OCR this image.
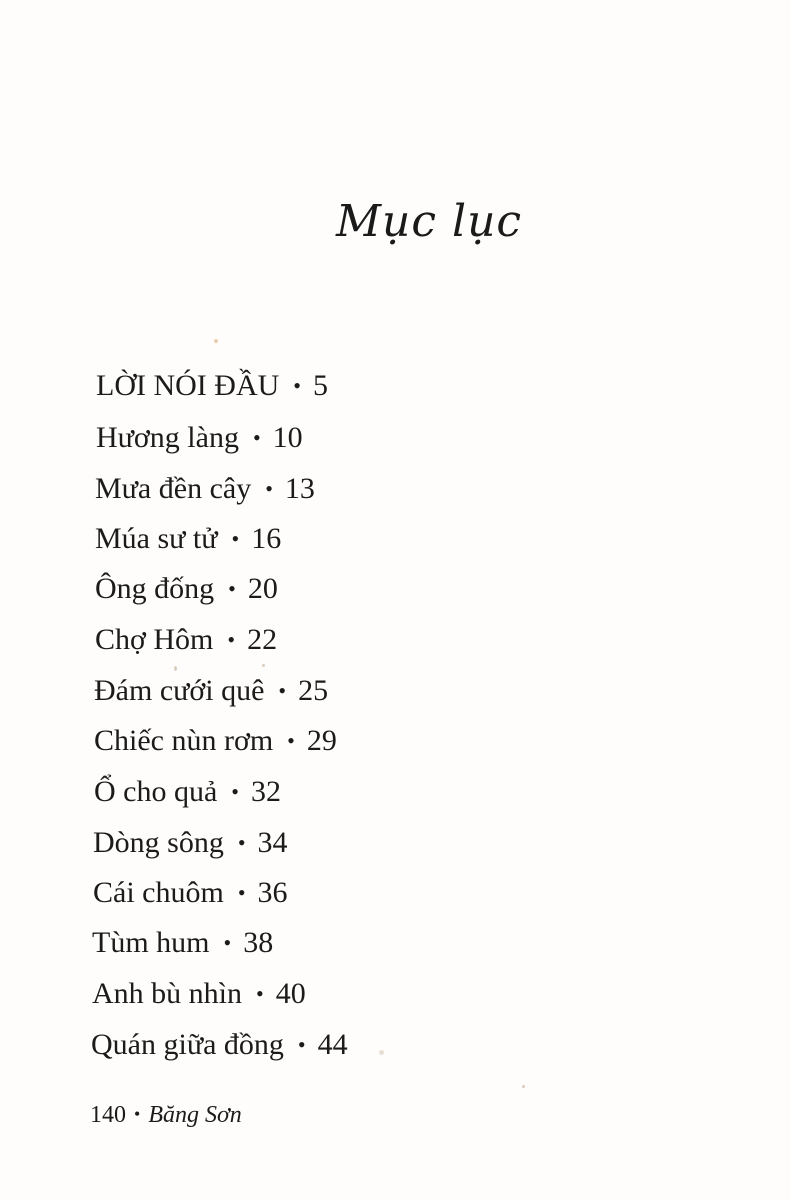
Mục lục
LỜI NÓI ĐẦU • 5
Hương làng • 10
Mưa đền cây • 13
Múa sư tử • 16
Ông đống • 20
Chợ Hôm • 22
Đám cưới quê • 25
Chiếc nùn rơm • 29
Ổ cho quả • 32
Dòng sông • 34
Cái chuôm • 36
Tùm hum • 38
Anh bù nhìn • 40
Quán giữa đồng • 44
140 • Băng Sơn
